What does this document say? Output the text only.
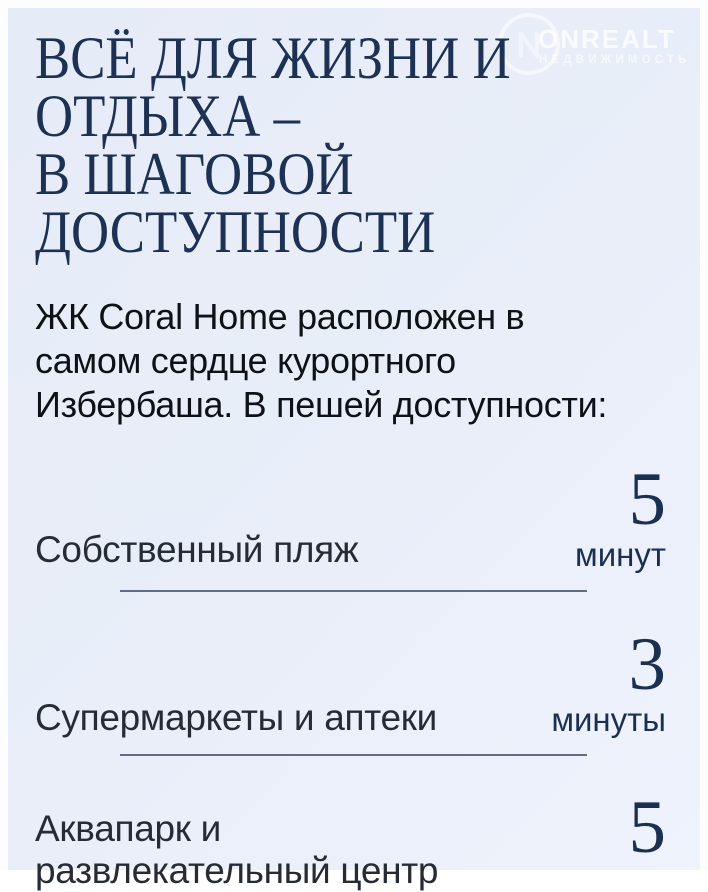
ONREALT
НЕДВИЖИМОСТЬ
ВСЁ ДЛЯ ЖИЗНИ И
ОТДЫХА –
В ШАГОВОЙ
ДОСТУПНОСТИ
ЖК Coral Home расположен в
самом сердце курортного
Избербаша. В пешей доступности:
Собственный пляж
5
минут
Супермаркеты и аптеки
3
минуты
Аквапарк и
развлекательный центр
5
